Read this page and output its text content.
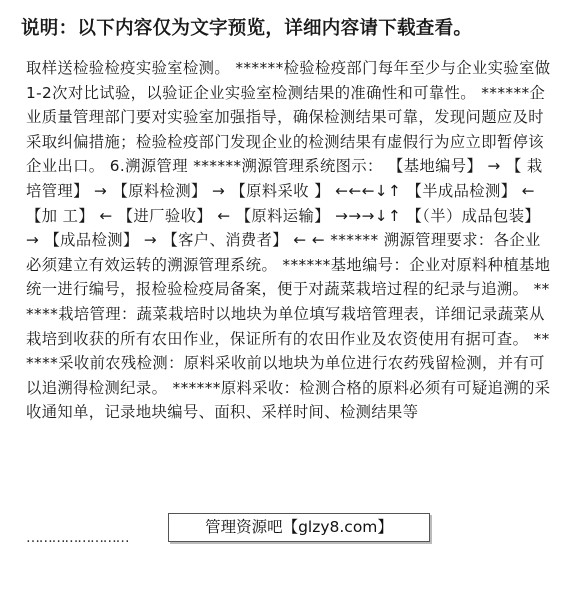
说明：以下内容仅为文字预览，详细内容请下载查看。
取样送检验检疫实验室检测。 ******检验检疫部门每年至少与企业实验室做1-2次对比试验，以验证企业实验室检测结果的准确性和可靠性。 ******企业质量管理部门要对实验室加强指导，确保检测结果可靠，发现问题应及时采取纠偏措施；检验检疫部门发现企业的检测结果有虚假行为应立即暂停该企业出口。 6.溯源管理 ******溯源管理系统图示： 【基地编号】 → 【 栽培管理】 → 【原料检测】 → 【原料采收 】 ←←←↓↑ 【半成品检测】 ← 【加 工】 ← 【进厂验收】 ← 【原料运输】 →→→↓↑ 【（半）成品包装】 → 【成品检测】 → 【客户、消费者】 ← ← ****** 溯源管理要求：各企业必须建立有效运转的溯源管理系统。 ******基地编号：企业对原料种植基地统一进行编号，报检验检疫局备案，便于对蔬菜栽培过程的纪录与追溯。 ******栽培管理：蔬菜栽培时以地块为单位填写栽培管理表，详细记录蔬菜从栽培到收获的所有农田作业，保证所有的农田作业及农资使用有据可查。 ******采收前农残检测：原料采收前以地块为单位进行农药残留检测，并有可以追溯得检测纪录。 ******原料采收：检测合格的原料必须有可疑追溯的采收通知单，记录地块编号、面积、采样时间、检测结果等
……………………
管理资源吧【glzy8.com】
